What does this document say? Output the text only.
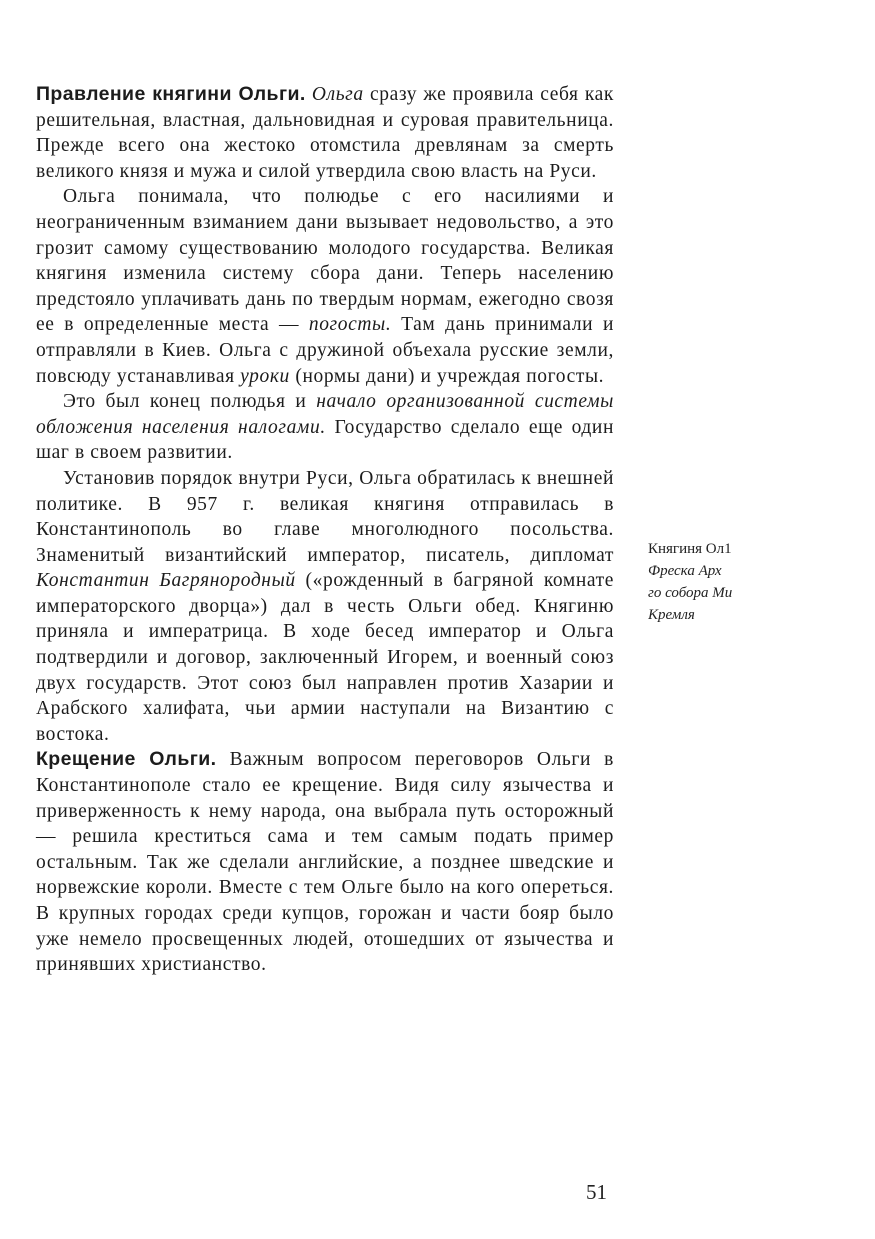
Правление княгини Ольги. Ольга сразу же проявила себя как решительная, властная, дальновидная и суровая правительница. Прежде всего она жестоко отомстила древлянам за смерть великого князя и мужа и силой утвердила свою власть на Руси.

Ольга понимала, что полюдье с его насилиями и неограниченным взиманием дани вызывает недовольство, а это грозит самому существованию молодого государства. Великая княгиня изменила систему сбора дани. Теперь населению предстояло уплачивать дань по твердым нормам, ежегодно свозя ее в определенные места — погосты. Там дань принимали и отправляли в Киев. Ольга с дружиной объехала русские земли, повсюду устанавливая уроки (нормы дани) и учреждая погосты.

Это был конец полюдья и начало организованной системы обложения населения налогами. Государство сделало еще один шаг в своем развитии.

Установив порядок внутри Руси, Ольга обратилась к внешней политике. В 957 г. великая княгиня отправилась в Константинополь во главе многолюдного посольства. Знаменитый византийский император, писатель, дипломат Константин Багрянородный («рожденный в багряной комнате императорского дворца») дал в честь Ольги обед. Княгиню приняла и императрица. В ходе бесед император и Ольга подтвердили и договор, заключенный Игорем, и военный союз двух государств. Этот союз был направлен против Хазарии и Арабского халифата, чьи армии наступали на Византию с востока.

Крещение Ольги. Важным вопросом переговоров Ольги в Константинополе стало ее крещение. Видя силу язычества и приверженность к нему народа, она выбрала путь осторожный — решила креститься сама и тем самым подать пример остальным. Так же сделали английские, а позднее шведские и норвежские короли. Вместе с тем Ольге было на кого опереться. В крупных городах среди купцов, горожан и части бояр было уже немело просвещенных людей, отошедших от язычества и принявших христианство.

Княгиня Ол1
Фреска Арх
го собора Ми
Кремля
51
